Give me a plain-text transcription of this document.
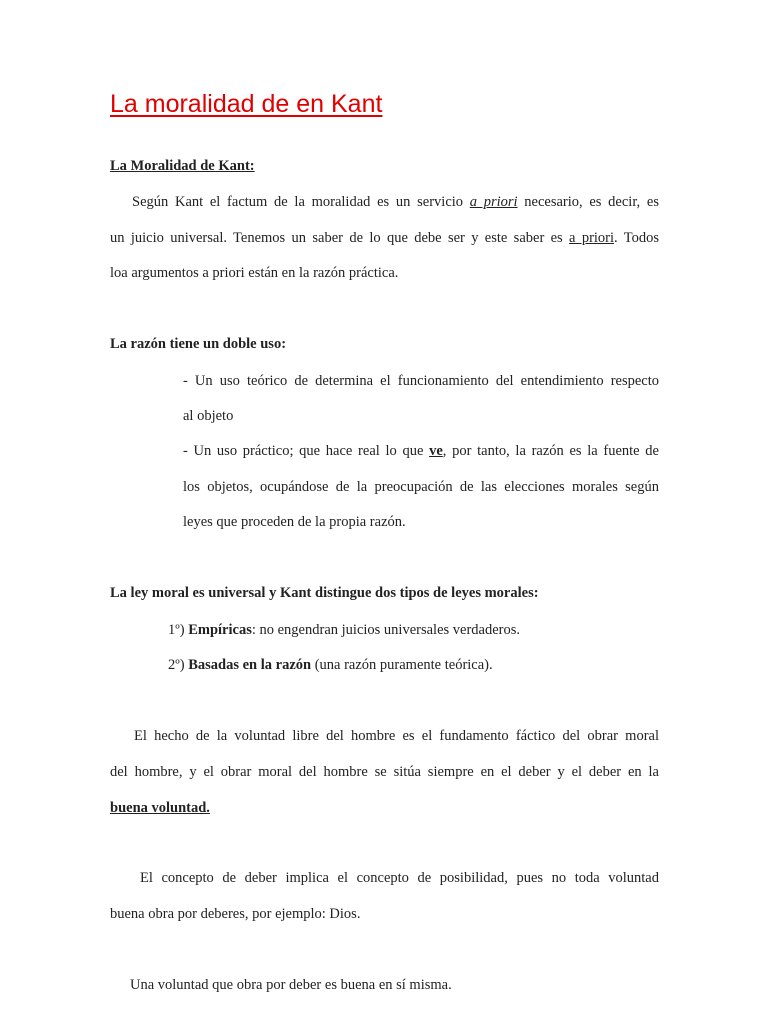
La moralidad de en Kant
La Moralidad de Kant:
Según Kant el factum de la moralidad es un servicio a priori necesario, es decir, es
un juicio universal. Tenemos un saber de lo que debe ser y este saber es a priori. Todos
loa argumentos a priori están en la razón práctica.
La razón tiene un doble uso:
- Un uso teórico de determina el funcionamiento del entendimiento respecto
al objeto
- Un uso práctico; que hace real lo que ve, por tanto, la razón es la fuente de
los objetos, ocupándose de la preocupación de las elecciones morales según
leyes que proceden de la propia razón.
La ley moral es universal y Kant distingue dos tipos de leyes morales:
1º) Empíricas: no engendran juicios universales verdaderos.
2º) Basadas en la razón (una razón puramente teórica).
El hecho de la voluntad libre del hombre es el fundamento fáctico del obrar moral
del hombre, y el obrar moral del hombre se sitúa siempre en el deber y el deber en la
buena voluntad.
El concepto de deber implica el concepto de posibilidad, pues no toda voluntad
buena obra por deberes, por ejemplo: Dios.
Una voluntad que obra por deber es buena en sí misma.
